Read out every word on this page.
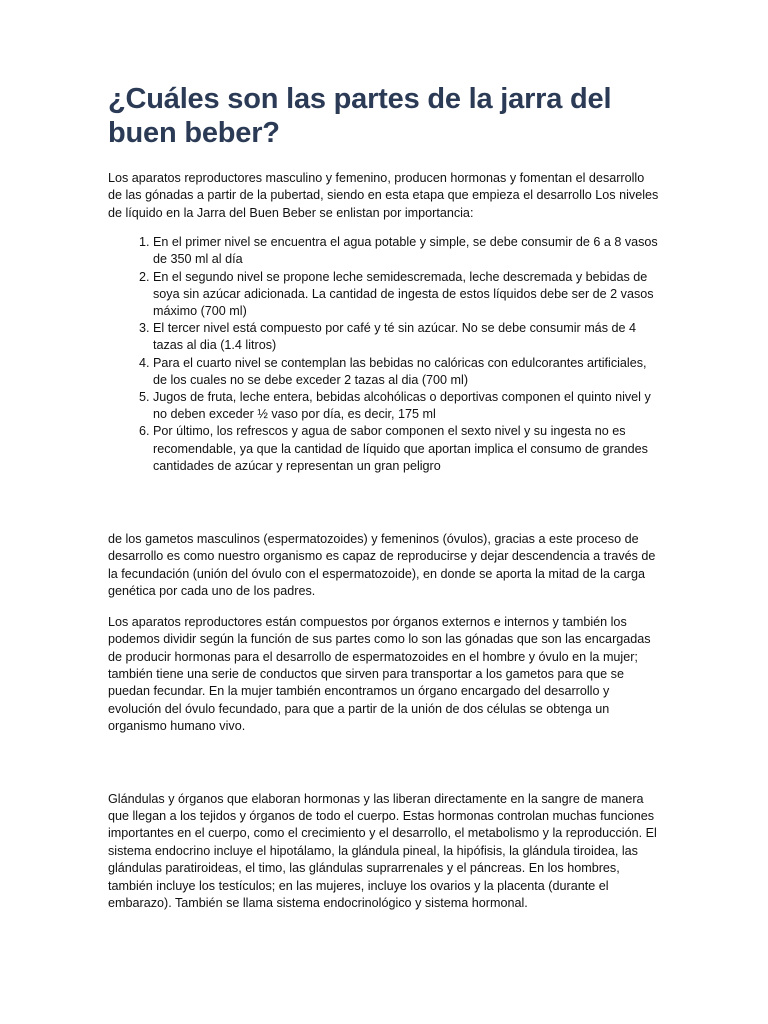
¿Cuáles son las partes de la jarra del buen beber?

Los aparatos reproductores masculino y femenino, producen hormonas y fomentan el desarrollo de las gónadas a partir de la pubertad, siendo en esta etapa que empieza el desarrollo Los niveles de líquido en la Jarra del Buen Beber se enlistan por importancia:

1. En el primer nivel se encuentra el agua potable y simple, se debe consumir de 6 a 8 vasos de 350 ml al día
2. En el segundo nivel se propone leche semidescremada, leche descremada y bebidas de soya sin azúcar adicionada. La cantidad de ingesta de estos líquidos debe ser de 2 vasos máximo (700 ml)
3. El tercer nivel está compuesto por café y té sin azúcar. No se debe consumir más de 4 tazas al dia (1.4 litros)
4. Para el cuarto nivel se contemplan las bebidas no calóricas con edulcorantes artificiales, de los cuales no se debe exceder 2 tazas al dia (700 ml)
5. Jugos de fruta, leche entera, bebidas alcohólicas o deportivas componen el quinto nivel y no deben exceder ½ vaso por día, es decir, 175 ml
6. Por último, los refrescos y agua de sabor componen el sexto nivel y su ingesta no es recomendable, ya que la cantidad de líquido que aportan implica el consumo de grandes cantidades de azúcar y representan un gran peligro

de los gametos masculinos (espermatozoides) y femeninos (óvulos), gracias a este proceso de desarrollo es como nuestro organismo es capaz de reproducirse y dejar descendencia a través de la fecundación (unión del óvulo con el espermatozoide), en donde se aporta la mitad de la carga genética por cada uno de los padres.

Los aparatos reproductores están compuestos por órganos externos e internos y también los podemos dividir según la función de sus partes como lo son las gónadas que son las encargadas de producir hormonas para el desarrollo de espermatozoides en el hombre y óvulo en la mujer; también tiene una serie de conductos que sirven para transportar a los gametos para que se puedan fecundar. En la mujer también encontramos un órgano encargado del desarrollo y evolución del óvulo fecundado, para que a partir de la unión de dos células se obtenga un organismo humano vivo.

Glándulas y órganos que elaboran hormonas y las liberan directamente en la sangre de manera que llegan a los tejidos y órganos de todo el cuerpo. Estas hormonas controlan muchas funciones importantes en el cuerpo, como el crecimiento y el desarrollo, el metabolismo y la reproducción. El sistema endocrino incluye el hipotálamo, la glándula pineal, la hipófisis, la glándula tiroidea, las glándulas paratiroideas, el timo, las glándulas suprarrenales y el páncreas. En los hombres, también incluye los testículos; en las mujeres, incluye los ovarios y la placenta (durante el embarazo). También se llama sistema endocrinológico y sistema hormonal.
